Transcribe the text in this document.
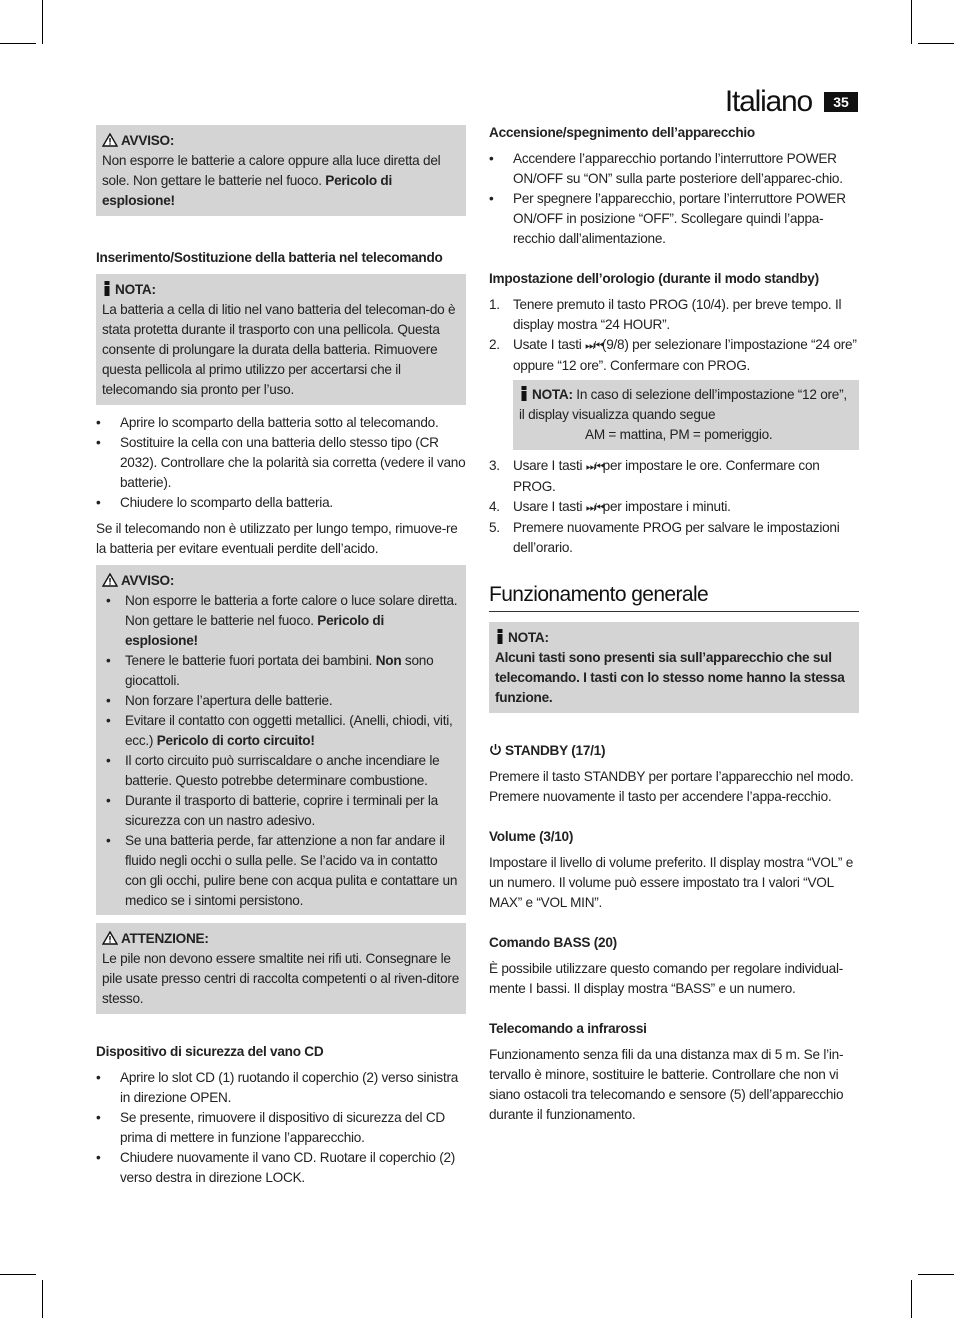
Italiano	35
AVVISO:

Non esporre le batterie a calore oppure alla luce diretta del sole. Non gettare le batterie nel fuoco. Pericolo di esplosione!

Inserimento/Sostituzione della batteria nel telecomando

NOTA:

La batteria a cella di litio nel vano batteria del telecoman-do è stata protetta durante il trasporto con una pellicola. Questa consente di prolungare la durata della batteria. Rimuovere questa pellicola al primo utilizzo per accertarsi che il telecomando sia pronto per l’uso.

• Aprire lo scomparto della batteria sotto al telecomando.
• Sostituire la cella con una batteria dello stesso tipo (CR 2032). Controllare che la polarità sia corretta (vedere il vano batterie).
• Chiudere lo scomparto della batteria.

Se il telecomando non è utilizzato per lungo tempo, rimuove-re la batteria per evitare eventuali perdite dell’acido.

AVVISO:
• Non esporre le batteria a forte calore o luce solare diretta. Non gettare le batterie nel fuoco. Pericolo di esplosione!
• Tenere le batterie fuori portata dei bambini. Non sono giocattoli.
• Non forzare l’apertura delle batterie.
• Evitare il contatto con oggetti metallici. (Anelli, chiodi, viti, ecc.) Pericolo di corto circuito!
• Il corto circuito può surriscaldare o anche incendiare le batterie. Questo potrebbe determinare combustione.
• Durante il trasporto di batterie, coprire i terminali per la sicurezza con un nastro adesivo.
• Se una batteria perde, far attenzione a non far andare il fluido negli occhi o sulla pelle. Se l’acido va in contatto con gli occhi, pulire bene con acqua pulita e contattare un medico se i sintomi persistono.
ATTENZIONE:

Le pile non devono essere smaltite nei rifi uti. Consegnare le pile usate presso centri di raccolta competenti o al riven-ditore stesso.

Dispositivo di sicurezza del vano CD

• Aprire lo slot CD (1) ruotando il coperchio (2) verso sinistra in direzione OPEN.
• Se presente, rimuovere il dispositivo di sicurezza del CD prima di mettere in funzione l’apparecchio.
• Chiudere nuovamente il vano CD. Ruotare il coperchio (2) verso destra in direzione LOCK.

Accensione/spegnimento dell’apparecchio

• Accendere l’apparecchio portando l’interruttore POWER ON/OFF su “ON” sulla parte posteriore dell’apparec-chio.
• Per spegnere l’apparecchio, portare l’interruttore POWER ON/OFF in posizione “OFF”. Scollegare quindi l’appa-recchio dall’alimentazione.

Impostazione dell’orologio (durante il modo standby)

1. Tenere premuto il tasto PROG (10/4). per breve tempo. Il display mostra “24 HOUR”.
2. Usate I tasti ⏭/⏮(9/8) per selezionare l’impostazione “24 ore” oppure “12 ore”. Confermare con PROG.

NOTA: In caso di selezione dell’impostazione “12 ore”, il display visualizza quando segue

AM = mattina, PM = pomeriggio.

3. Usare I tasti ⏭/⏮per impostare le ore. Confermare con PROG.
4. Usare I tasti ⏭/⏮per impostare i minuti.
5. Premere nuovamente PROG per salvare le impostazioni dell’orario.

Funzionamento generale

NOTA:

Alcuni tasti sono presenti sia sull’apparecchio che sul telecomando. I tasti con lo stesso nome hanno la stessa funzione.

STANDBY (17/1)

Premere il tasto STANDBY per portare l’apparecchio nel modo. Premere nuovamente il tasto per accendere l’appa-recchio.

Volume (3/10)

Impostare il livello di volume preferito. Il display mostra “VOL” e un numero. Il volume può essere impostato tra I valori “VOL MAX” e “VOL MIN”.

Comando BASS (20)

È possibile utilizzare questo comando per regolare individual-mente I bassi. Il display mostra “BASS” e un numero.

Telecomando a infrarossi

Funzionamento senza fili da una distanza max di 5 m. Se l’in-tervallo è minore, sostituire le batterie. Controllare che non vi siano ostacoli tra telecomando e sensore (5) dell’apparecchio durante il funzionamento.
